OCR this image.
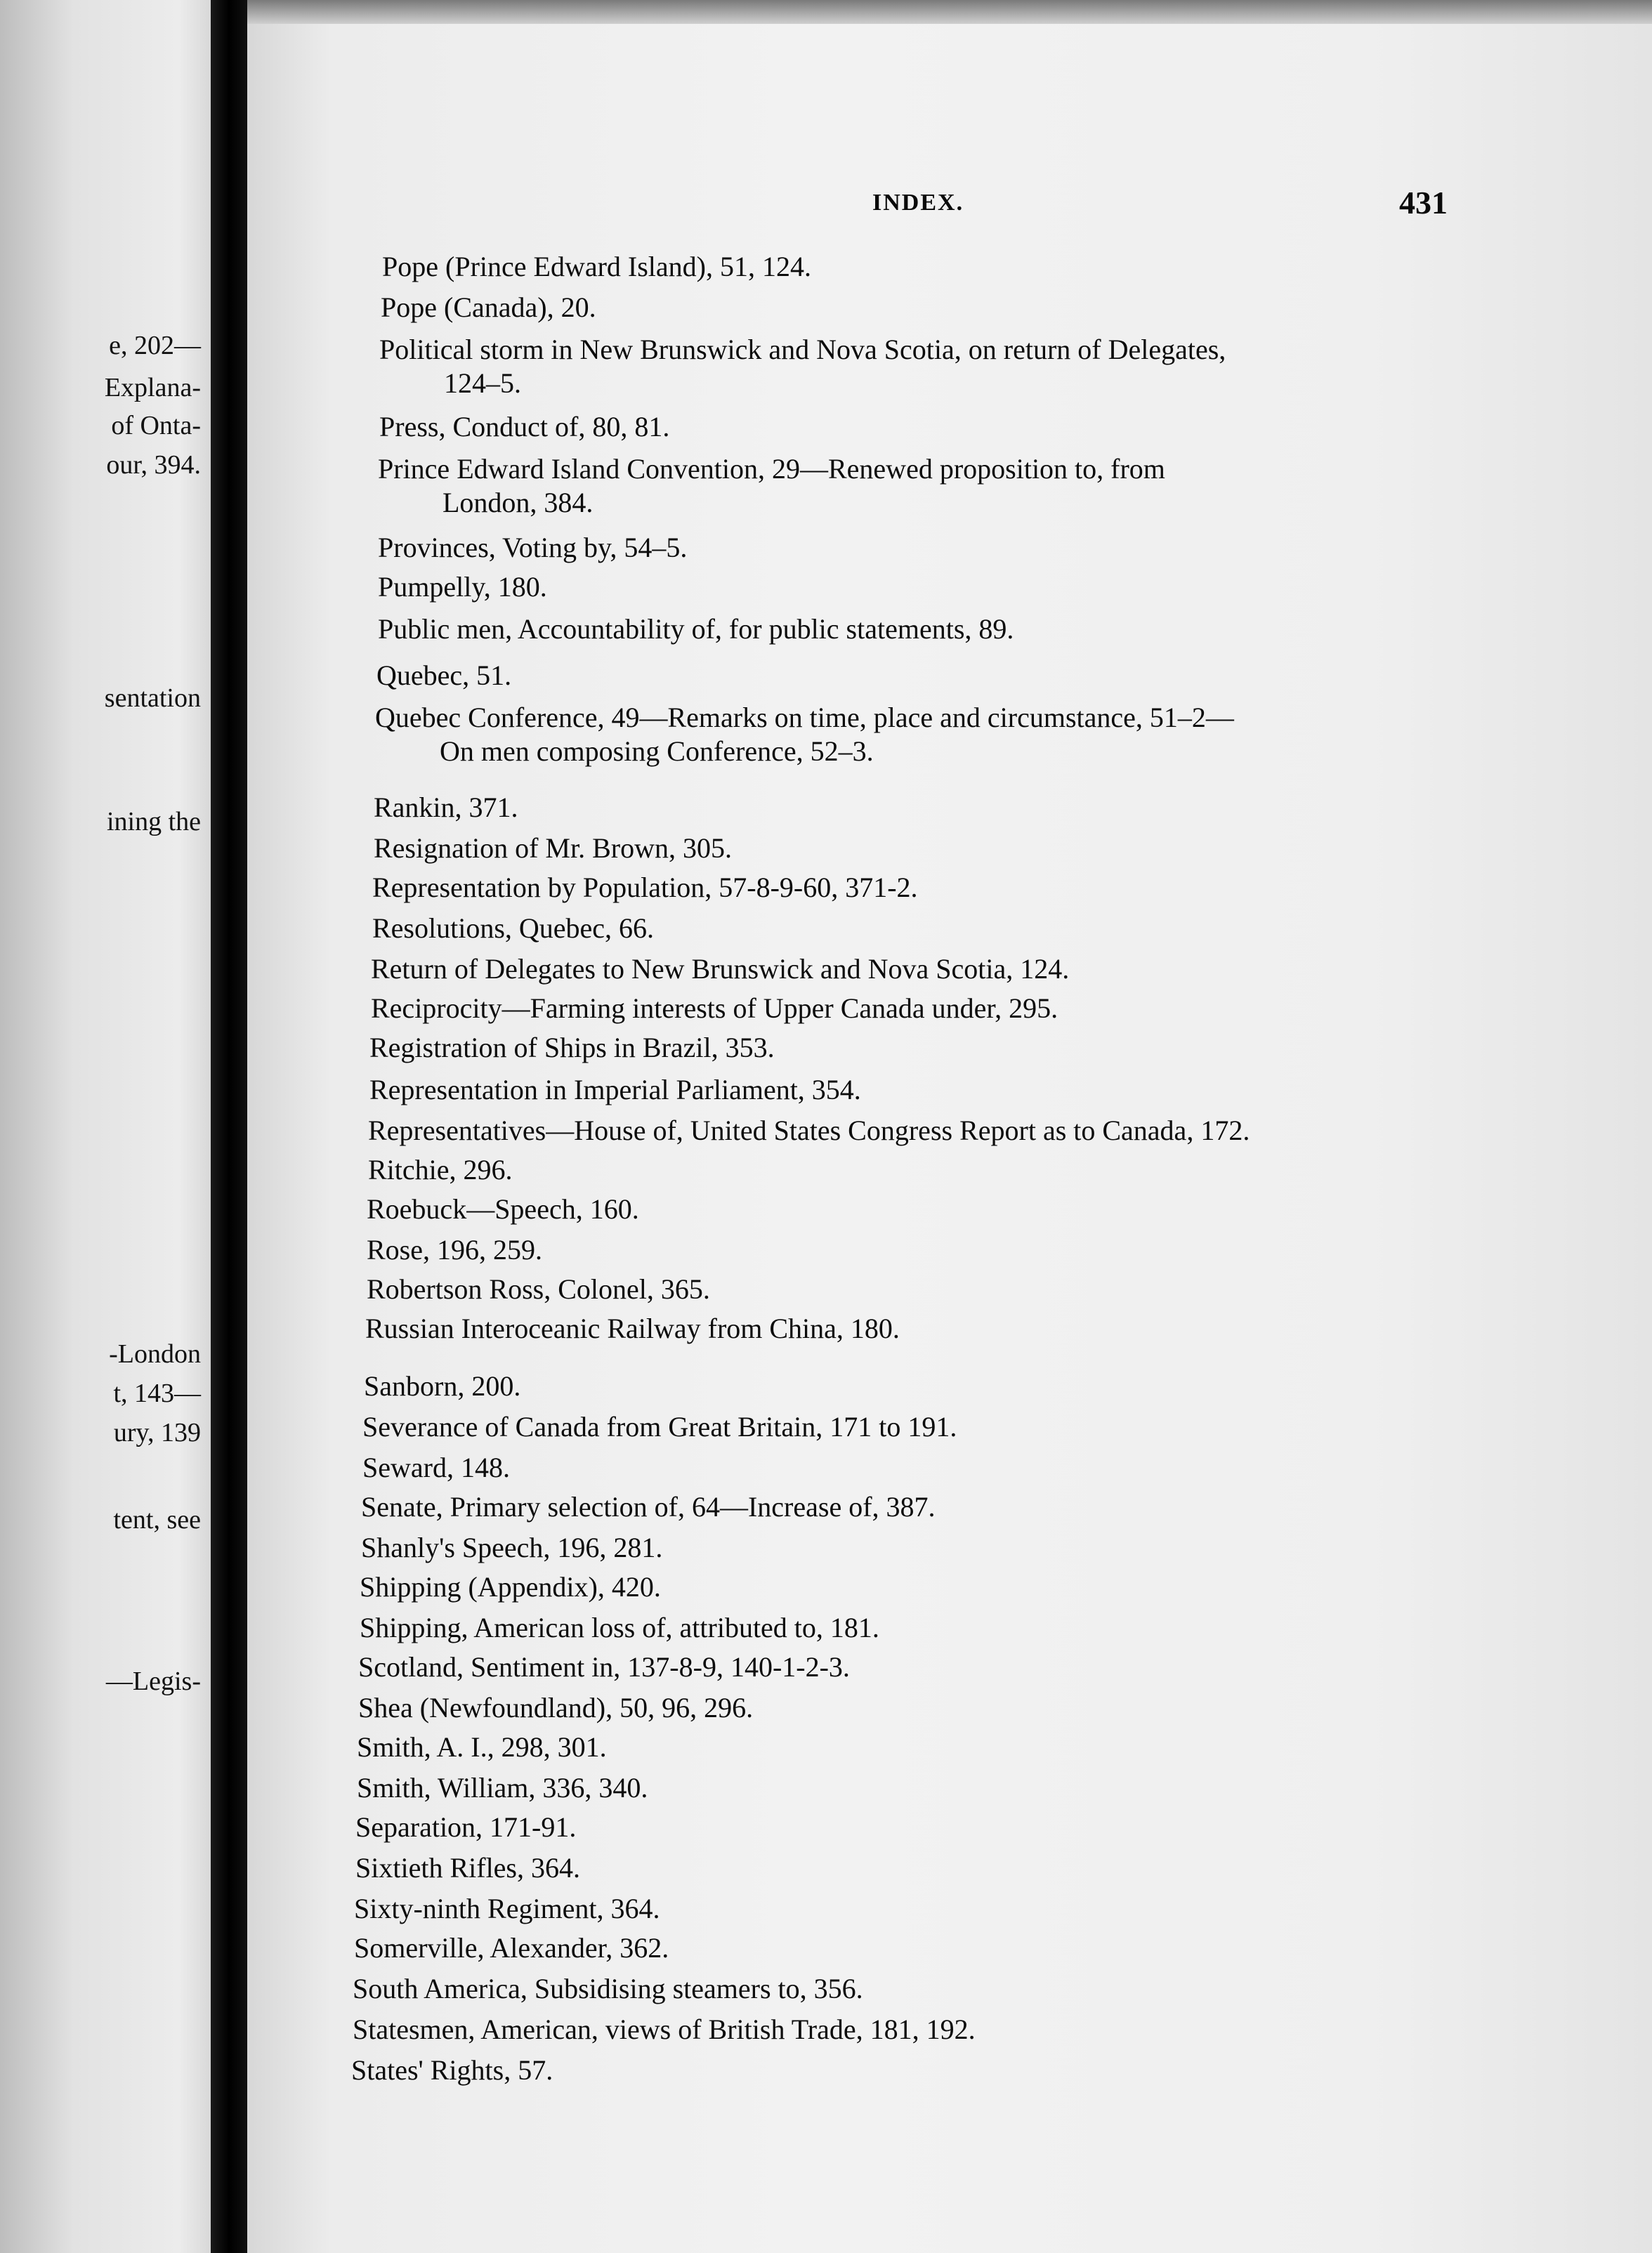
e, 202—
Explana-
of Onta-
our, 394.
sentation
ining the
-London
t, 143—
ury, 139
tent, see
—Legis-
INDEX.	431
Pope (Prince Edward Island), 51, 124.
Pope (Canada), 20.
Political storm in New Brunswick and Nova Scotia, on return of Delegates,
124–5.
Press, Conduct of, 80, 81.
Prince Edward Island Convention, 29—Renewed proposition to, from
London, 384.
Provinces, Voting by, 54–5.
Pumpelly, 180.
Public men, Accountability of, for public statements, 89.
Quebec, 51.
Quebec Conference, 49—Remarks on time, place and circumstance, 51–2—
On men composing Conference, 52–3.
Rankin, 371.
Resignation of Mr. Brown, 305.
Representation by Population, 57-8-9-60, 371-2.
Resolutions, Quebec, 66.
Return of Delegates to New Brunswick and Nova Scotia, 124.
Reciprocity—Farming interests of Upper Canada under, 295.
Registration of Ships in Brazil, 353.
Representation in Imperial Parliament, 354.
Representatives—House of, United States Congress Report as to Canada, 172.
Ritchie, 296.
Roebuck—Speech, 160.
Rose, 196, 259.
Robertson Ross, Colonel, 365.
Russian Interoceanic Railway from China, 180.
Sanborn, 200.
Severance of Canada from Great Britain, 171 to 191.
Seward, 148.
Senate, Primary selection of, 64—Increase of, 387.
Shanly's Speech, 196, 281.
Shipping (Appendix), 420.
Shipping, American loss of, attributed to, 181.
Scotland, Sentiment in, 137-8-9, 140-1-2-3.
Shea (Newfoundland), 50, 96, 296.
Smith, A. I., 298, 301.
Smith, William, 336, 340.
Separation, 171-91.
Sixtieth Rifles, 364.
Sixty-ninth Regiment, 364.
Somerville, Alexander, 362.
South America, Subsidising steamers to, 356.
Statesmen, American, views of British Trade, 181, 192.
States' Rights, 57.
